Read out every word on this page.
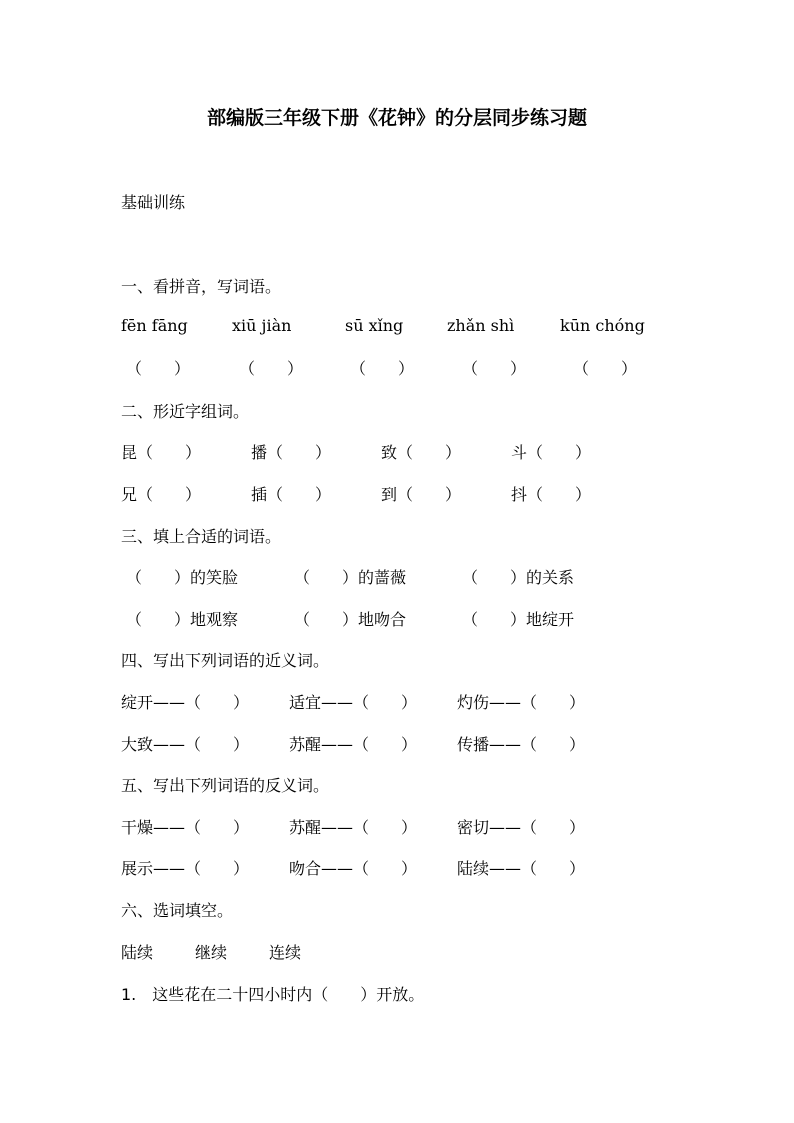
部编版三年级下册《花钟》的分层同步练习题
基础训练
一、看拼音，写词语。
fēn fāng	xiū jiàn	sū xǐng	zhǎn shì	kūn chóng
（　　）	（　　）	（　　）	（　　）	（　　）
二、形近字组词。
昆（　　）	播（　　）	致（　　）	斗（　　）
兄（　　）	插（　　）	到（　　）	抖（　　）
三、填上合适的词语。
（　　）的笑脸	（　　）的蔷薇	（　　）的关系
（　　）地观察	（　　）地吻合	（　　）地绽开
四、写出下列词语的近义词。
绽开——（　　） 适宜——（　　） 灼伤——（　　）
大致——（　　） 苏醒——（　　） 传播——（　　）
五、写出下列词语的反义词。
干燥——（　　） 苏醒——（　　） 密切——（　　）
展示——（　　） 吻合——（　　） 陆续——（　　）
六、选词填空。
陆续	继续	连续
1.　这些花在二十四小时内（　　）开放。
